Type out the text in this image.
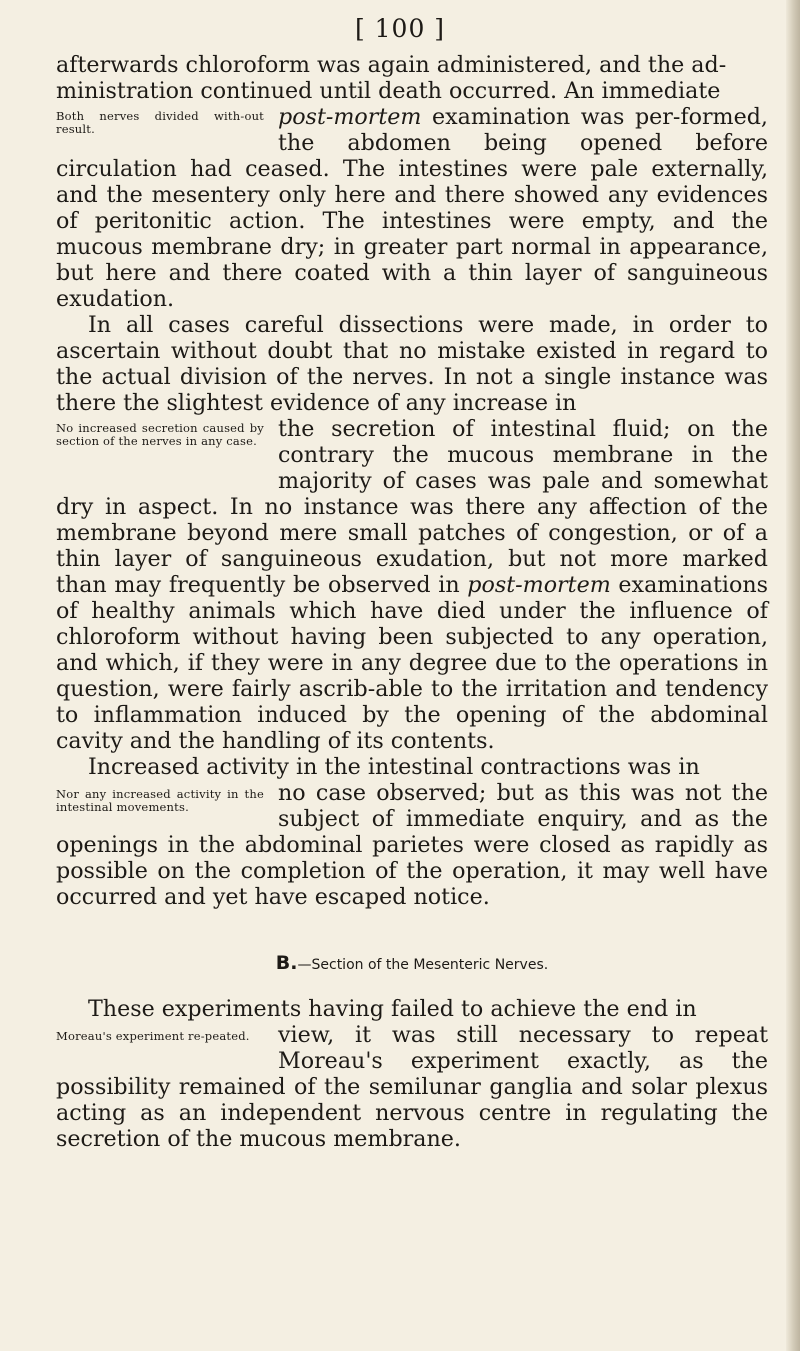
[ 100 ]

afterwards chloroform was again administered, and the ad-

ministration continued until death occurred. An immediate

Both nerves divided with-out result.	post-mortem examination was per-formed, the abdomen being opened before circulation had ceased. The intestines were pale externally, and the mesentery only here and there showed any evidences of peritonitic action. The intestines were empty, and the mucous membrane dry; in greater part normal in appearance, but here and there coated with a thin layer of sanguineous exudation.

In all cases careful dissections were made, in order to ascertain without doubt that no mistake existed in regard to the actual division of the nerves. In not a single instance was there the slightest evidence of any increase in

No increased secretion caused by section of the nerves in any case. the secretion of intestinal fluid; on the contrary the mucous membrane in the majority of cases was pale and somewhat dry in aspect. In no instance was there any affection of the membrane beyond mere small patches of congestion, or of a thin layer of sanguineous exudation, but not more marked than may frequently be observed in post-mortem examinations of healthy animals which have died under the influence of chloroform without having been subjected to any operation, and which, if they were in any degree due to the operations in question, were fairly ascrib-able to the irritation and tendency to inflammation induced by the opening of the abdominal cavity and the handling of its contents.

Increased activity in the intestinal contractions was in

Nor any increased activity in the intestinal movements.
no case observed; but as this was not the subject of immediate enquiry, and as the openings in the abdominal parietes were closed as rapidly as possible on the completion of the operation, it may well have occurred and yet have escaped notice.

B.—Section of the Mesenteric Nerves.

These experiments having failed to achieve the end in

Moreau's experiment re-peated.	view, it was still necessary to repeat Moreau's experiment exactly, as the possibility remained of the semilunar ganglia and solar plexus acting as an independent nervous centre in regulating the secretion of the mucous membrane.
